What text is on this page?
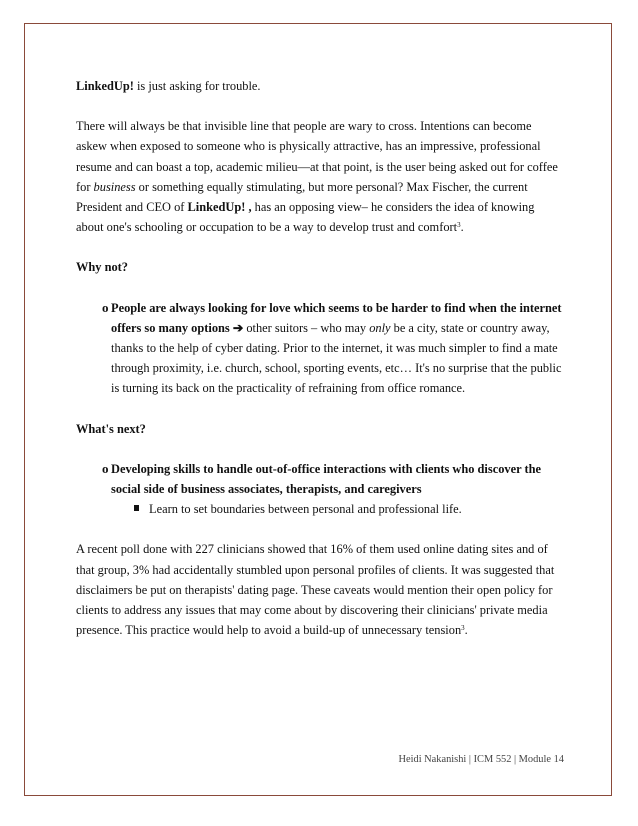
LinkedUp! is just asking for trouble.

There will always be that invisible line that people are wary to cross. Intentions can become askew when exposed to someone who is physically attractive, has an impressive, professional resume and can boast a top, academic milieu—at that point, is the user being asked out for coffee for business or something equally stimulating, but more personal? Max Fischer, the current President and CEO of LinkedUp! , has an opposing view– he considers the idea of knowing about one's schooling or occupation to be a way to develop trust and comfort$^3$.

Why not?

o People are always looking for love which seems to be harder to find when the internet offers so many options ➔ other suitors – who may only be a city, state or country away, thanks to the help of cyber dating. Prior to the internet, it was much simpler to find a mate through proximity, i.e. church, school, sporting events, etc… It's no surprise that the public is turning its back on the practicality of refraining from office romance.

What's next?

o Developing skills to handle out-of-office interactions with clients who discover the social side of business associates, therapists, and caregivers
Learn to set boundaries between personal and professional life.

A recent poll done with 227 clinicians showed that 16% of them used online dating sites and of that group, 3% had accidentally stumbled upon personal profiles of clients. It was suggested that disclaimers be put on therapists' dating page. These caveats would mention their open policy for clients to address any issues that may come about by discovering their clinicians' private media presence. This practice would help to avoid a build-up of unnecessary tension$^3$.

Heidi Nakanishi | ICM 552 | Module 14
